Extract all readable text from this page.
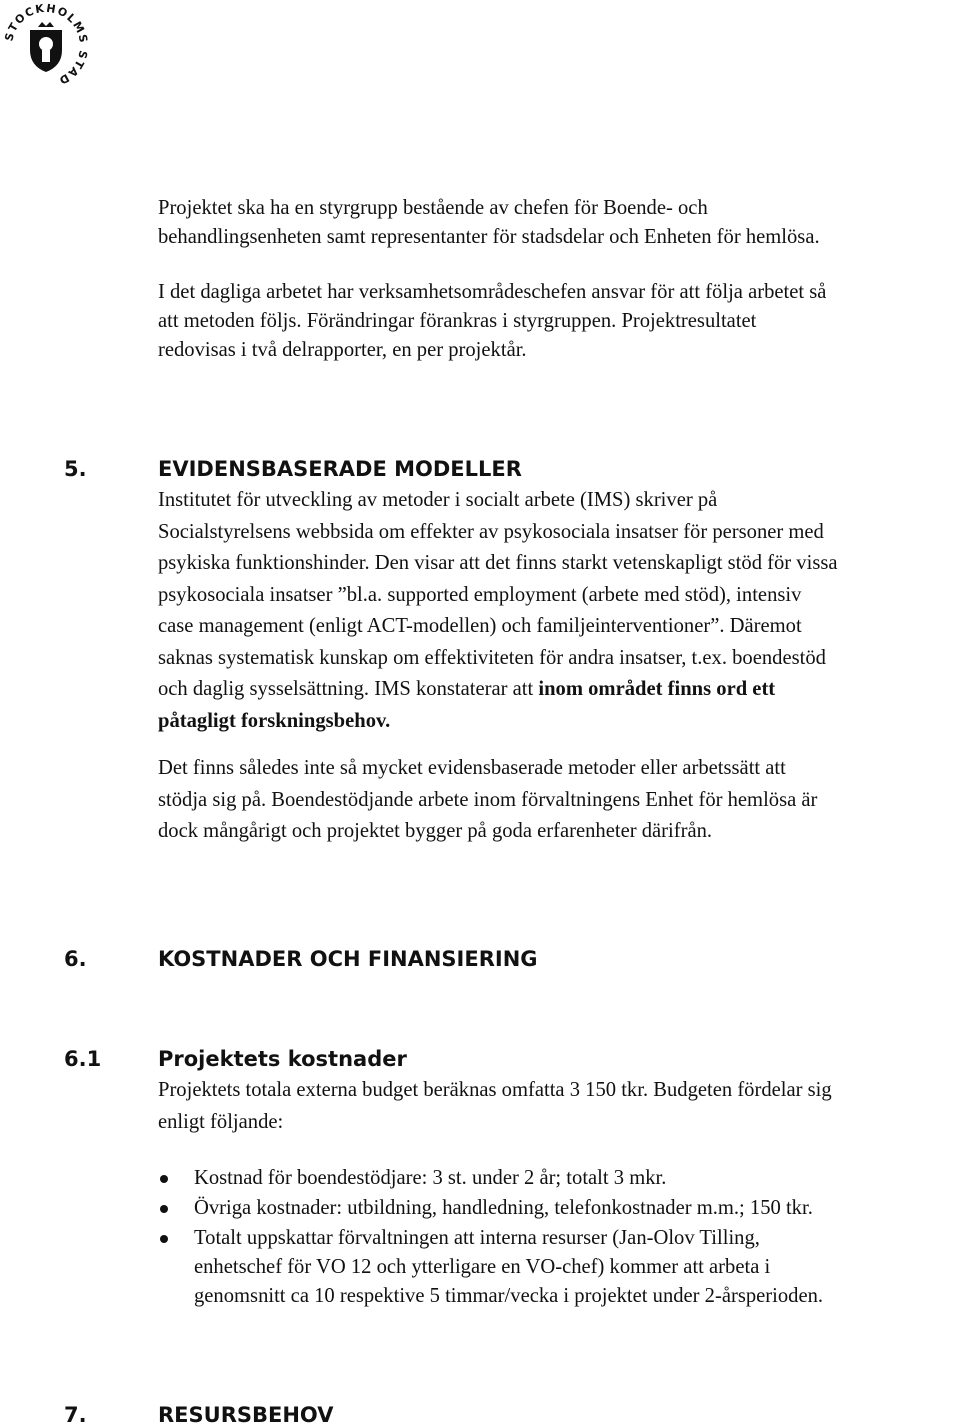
STOCKHOLMS STAD

Projektet ska ha en styrgrupp bestående av chefen för Boende- och
behandlingsenheten samt representanter för stadsdelar och Enheten för hemlösa.

I det dagliga arbetet har verksamhetsområdeschefen ansvar för att följa arbetet så
att metoden följs. Förändringar förankras i styrgruppen. Projektresultatet
redovisas i två delrapporter, en per projektår.

5.	EVIDENSBASERADE MODELLER

Institutet för utveckling av metoder i socialt arbete (IMS) skriver på
Socialstyrelsens webbsida om effekter av psykosociala insatser för personer med
psykiska funktionshinder. Den visar att det finns starkt vetenskapligt stöd för vissa
psykosociala insatser ”bl.a. supported employment (arbete med stöd), intensiv
case management (enligt ACT-modellen) och familjeinterventioner”. Däremot
saknas systematisk kunskap om effektiviteten för andra insatser, t.ex. boendestöd
och daglig sysselsättning. IMS konstaterar att inom området finns ord ett
påtagligt forskningsbehov.

Det finns således inte så mycket evidensbaserade metoder eller arbetssätt att
stödja sig på. Boendestödjande arbete inom förvaltningens Enhet för hemlösa är
dock mångårigt och projektet bygger på goda erfarenheter därifrån.

6.	KOSTNADER OCH FINANSIERING
6.1	Projektets kostnader

Projektets totala externa budget beräknas omfatta 3 150 tkr. Budgeten fördelar sig
enligt följande:

Kostnad för boendestödjare: 3 st. under 2 år; totalt 3 mkr.
Övriga kostnader: utbildning, handledning, telefonkostnader m.m.; 150 tkr.
Totalt uppskattar förvaltningen att interna resurser (Jan-Olov Tilling,
enhetschef för VO 12 och ytterligare en VO-chef) kommer att arbeta i
genomsnitt ca 10 respektive 5 timmar/vecka i projektet under 2-årsperioden.
7.	RESURSBEHOV
